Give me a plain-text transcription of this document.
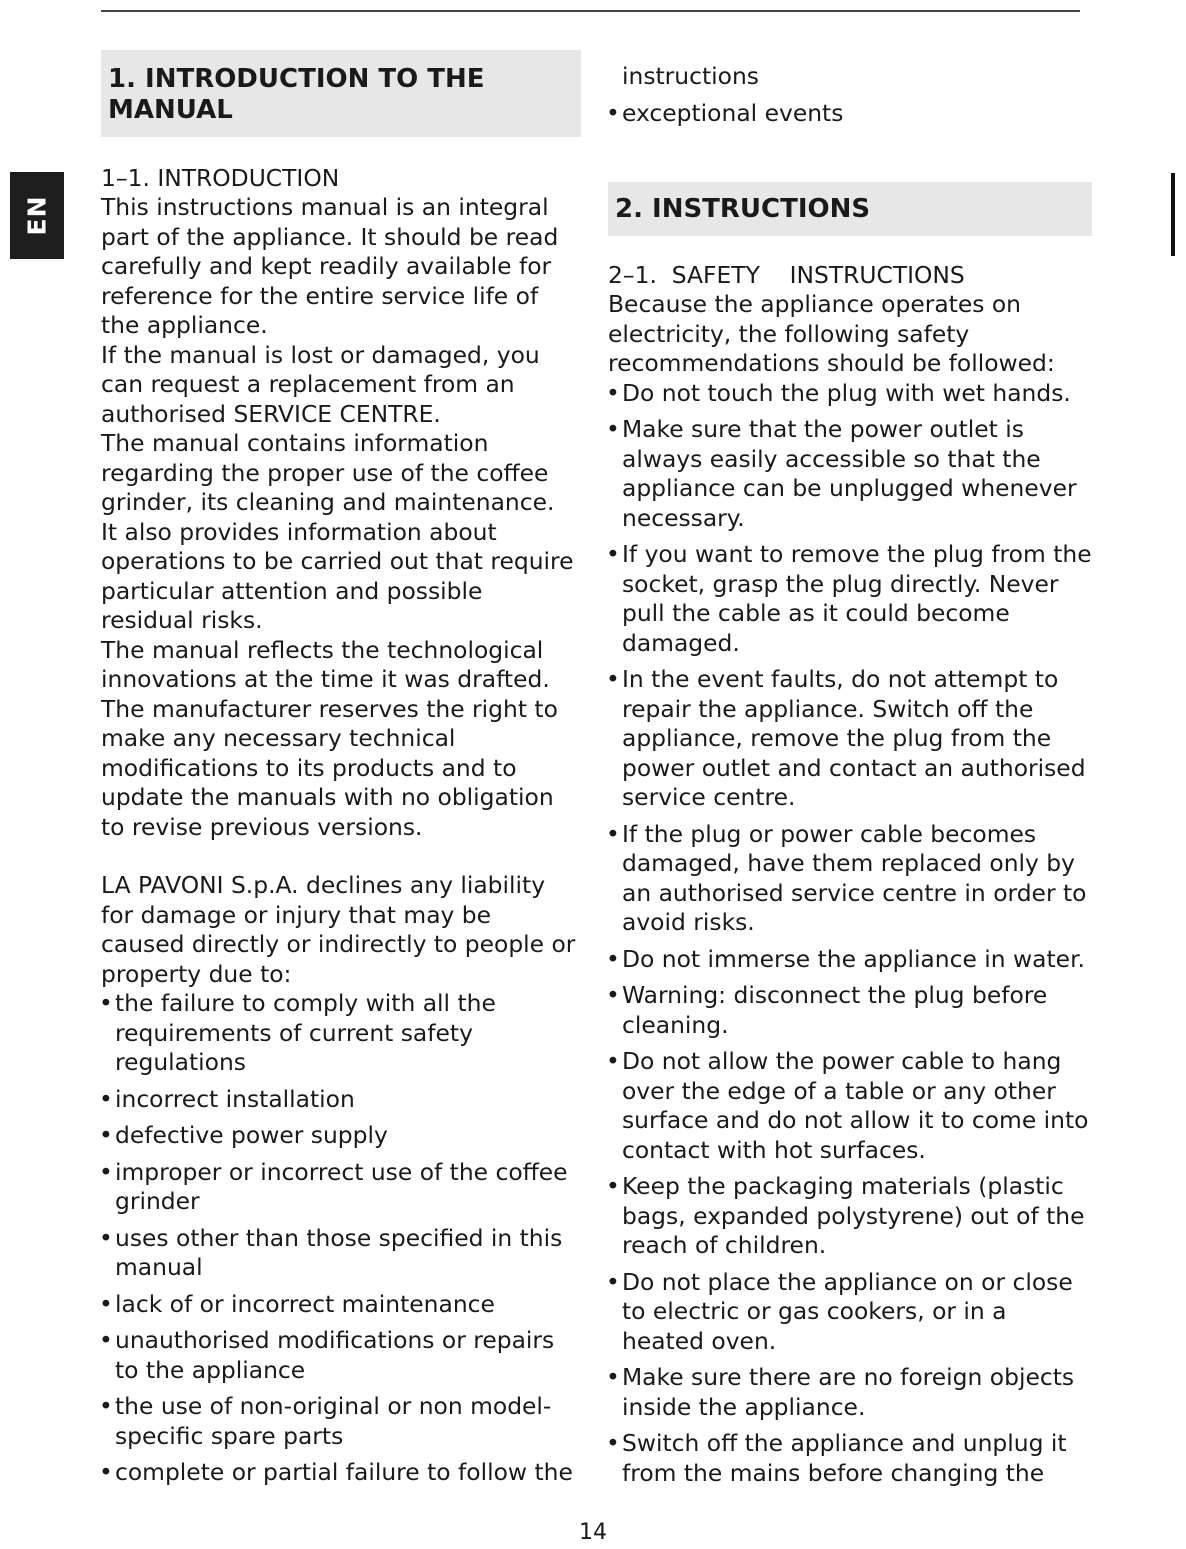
EN
1. INTRODUCTION TO THE MANUAL
1–1. INTRODUCTION

This instructions manual is an integral part of the appliance. It should be read carefully and kept readily available for reference for the entire service life of the appliance.

If the manual is lost or damaged, you can request a replacement from an authorised SERVICE CENTRE.

The manual contains information regarding the proper use of the coffee grinder, its cleaning and maintenance.

It also provides information about operations to be carried out that require particular attention and possible residual risks.

The manual reflects the technological innovations at the time it was drafted.

The manufacturer reserves the right to make any necessary technical modifications to its products and to update the manuals with no obligation to revise previous versions.

LA PAVONI S.p.A. declines any liability for damage or injury that may be caused directly or indirectly to people or property due to:

• the failure to comply with all the requirements of current safety regulations
• incorrect installation
• defective power supply
• improper or incorrect use of the coffee grinder
• uses other than those specified in this manual
• lack of or incorrect maintenance
• unauthorised modifications or repairs to the appliance
• the use of non-original or non model-specific spare parts
• complete or partial failure to follow the
instructions
• exceptional events
2. INSTRUCTIONS
2–1.  SAFETY    INSTRUCTIONS

Because the appliance operates on electricity, the following safety recommendations should be followed:

• Do not touch the plug with wet hands.
• Make sure that the power outlet is always easily accessible so that the appliance can be unplugged whenever necessary.
• If you want to remove the plug from the socket, grasp the plug directly. Never pull the cable as it could become damaged.
• In the event faults, do not attempt to repair the appliance. Switch off the appliance, remove the plug from the power outlet and contact an authorised service centre.
• If the plug or power cable becomes damaged, have them replaced only by an authorised service centre in order to avoid risks.
• Do not immerse the appliance in water.
• Warning: disconnect the plug before cleaning.
• Do not allow the power cable to hang over the edge of a table or any other surface and do not allow it to come into contact with hot surfaces.
• Keep the packaging materials (plastic bags, expanded polystyrene) out of the reach of children.
• Do not place the appliance on or close to electric or gas cookers, or in a heated oven.
• Make sure there are no foreign objects inside the appliance.
• Switch off the appliance and unplug it from the mains before changing the
14
